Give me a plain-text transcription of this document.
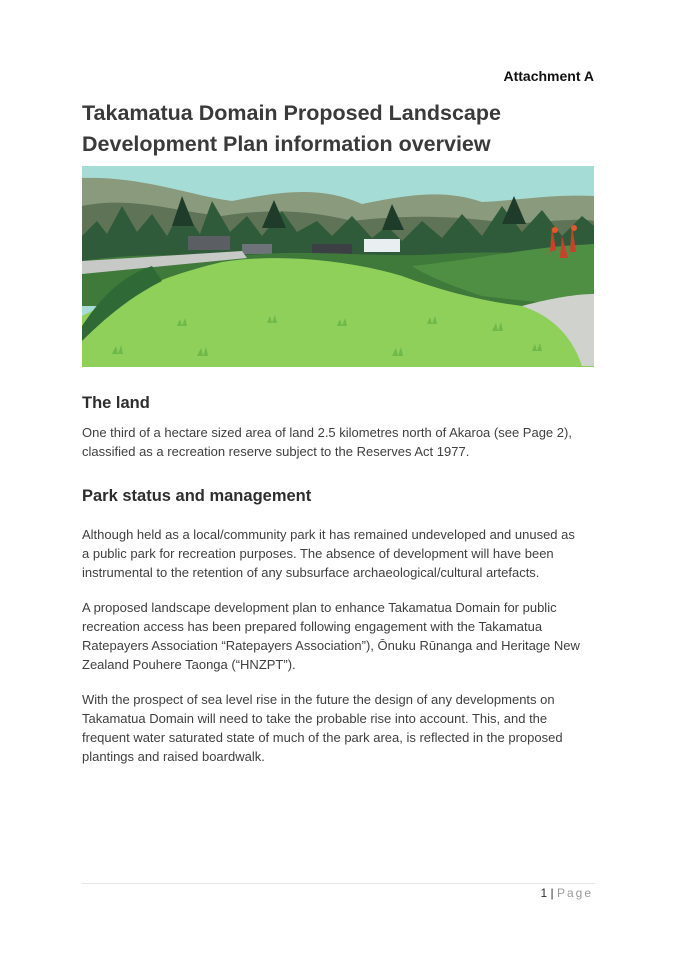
Attachment A
Takamatua Domain Proposed Landscape
Development Plan information overview
The land

One third of a hectare sized area of land 2.5 kilometres north of Akaroa (see Page 2), classified as a recreation reserve subject to the Reserves Act 1977.

Park status and management

Although held as a local/community park it has remained undeveloped and unused as a public park for recreation purposes. The absence of development will have been instrumental to the retention of any subsurface archaeological/cultural artefacts.

A proposed landscape development plan to enhance Takamatua Domain for public recreation access has been prepared following engagement with the Takamatua Ratepayers Association “Ratepayers Association”), Ōnuku Rūnanga and Heritage New Zealand Pouhere Taonga (“HNZPT”).

With the prospect of sea level rise in the future the design of any developments on Takamatua Domain will need to take the probable rise into account. This, and the frequent water saturated state of much of the park area, is reflected in the proposed plantings and raised boardwalk.

1 | Page
